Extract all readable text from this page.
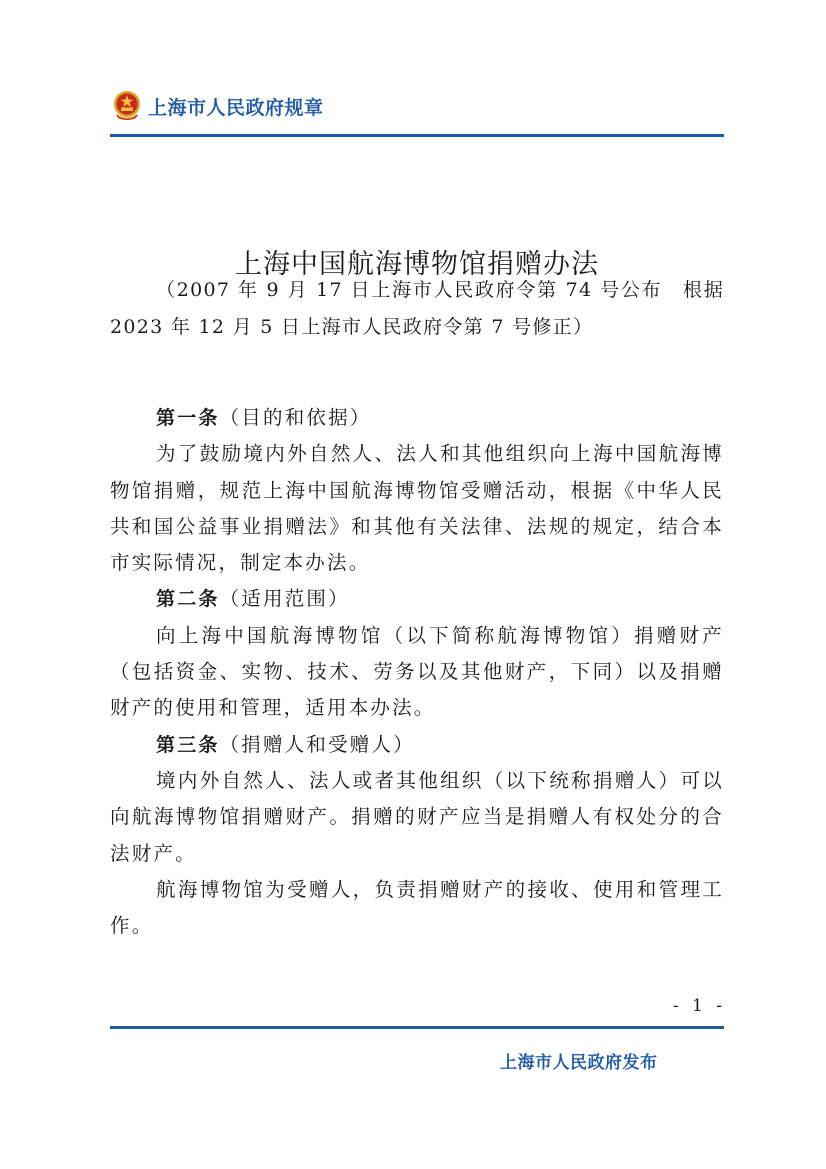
上海市人民政府规章
上海中国航海博物馆捐赠办法
（2007 年 9 月 17 日上海市人民政府令第 74 号公布　根据 2023 年 12 月 5 日上海市人民政府令第 7 号修正）

第一条（目的和依据）

为了鼓励境内外自然人、法人和其他组织向上海中国航海博物馆捐赠，规范上海中国航海博物馆受赠活动，根据《中华人民共和国公益事业捐赠法》和其他有关法律、法规的规定，结合本市实际情况，制定本办法。

第二条（适用范围）

向上海中国航海博物馆（以下简称航海博物馆）捐赠财产（包括资金、实物、技术、劳务以及其他财产，下同）以及捐赠财产的使用和管理，适用本办法。

第三条（捐赠人和受赠人）

境内外自然人、法人或者其他组织（以下统称捐赠人）可以向航海博物馆捐赠财产。捐赠的财产应当是捐赠人有权处分的合法财产。

航海博物馆为受赠人，负责捐赠财产的接收、使用和管理工作。

- 1 -
上海市人民政府发布
